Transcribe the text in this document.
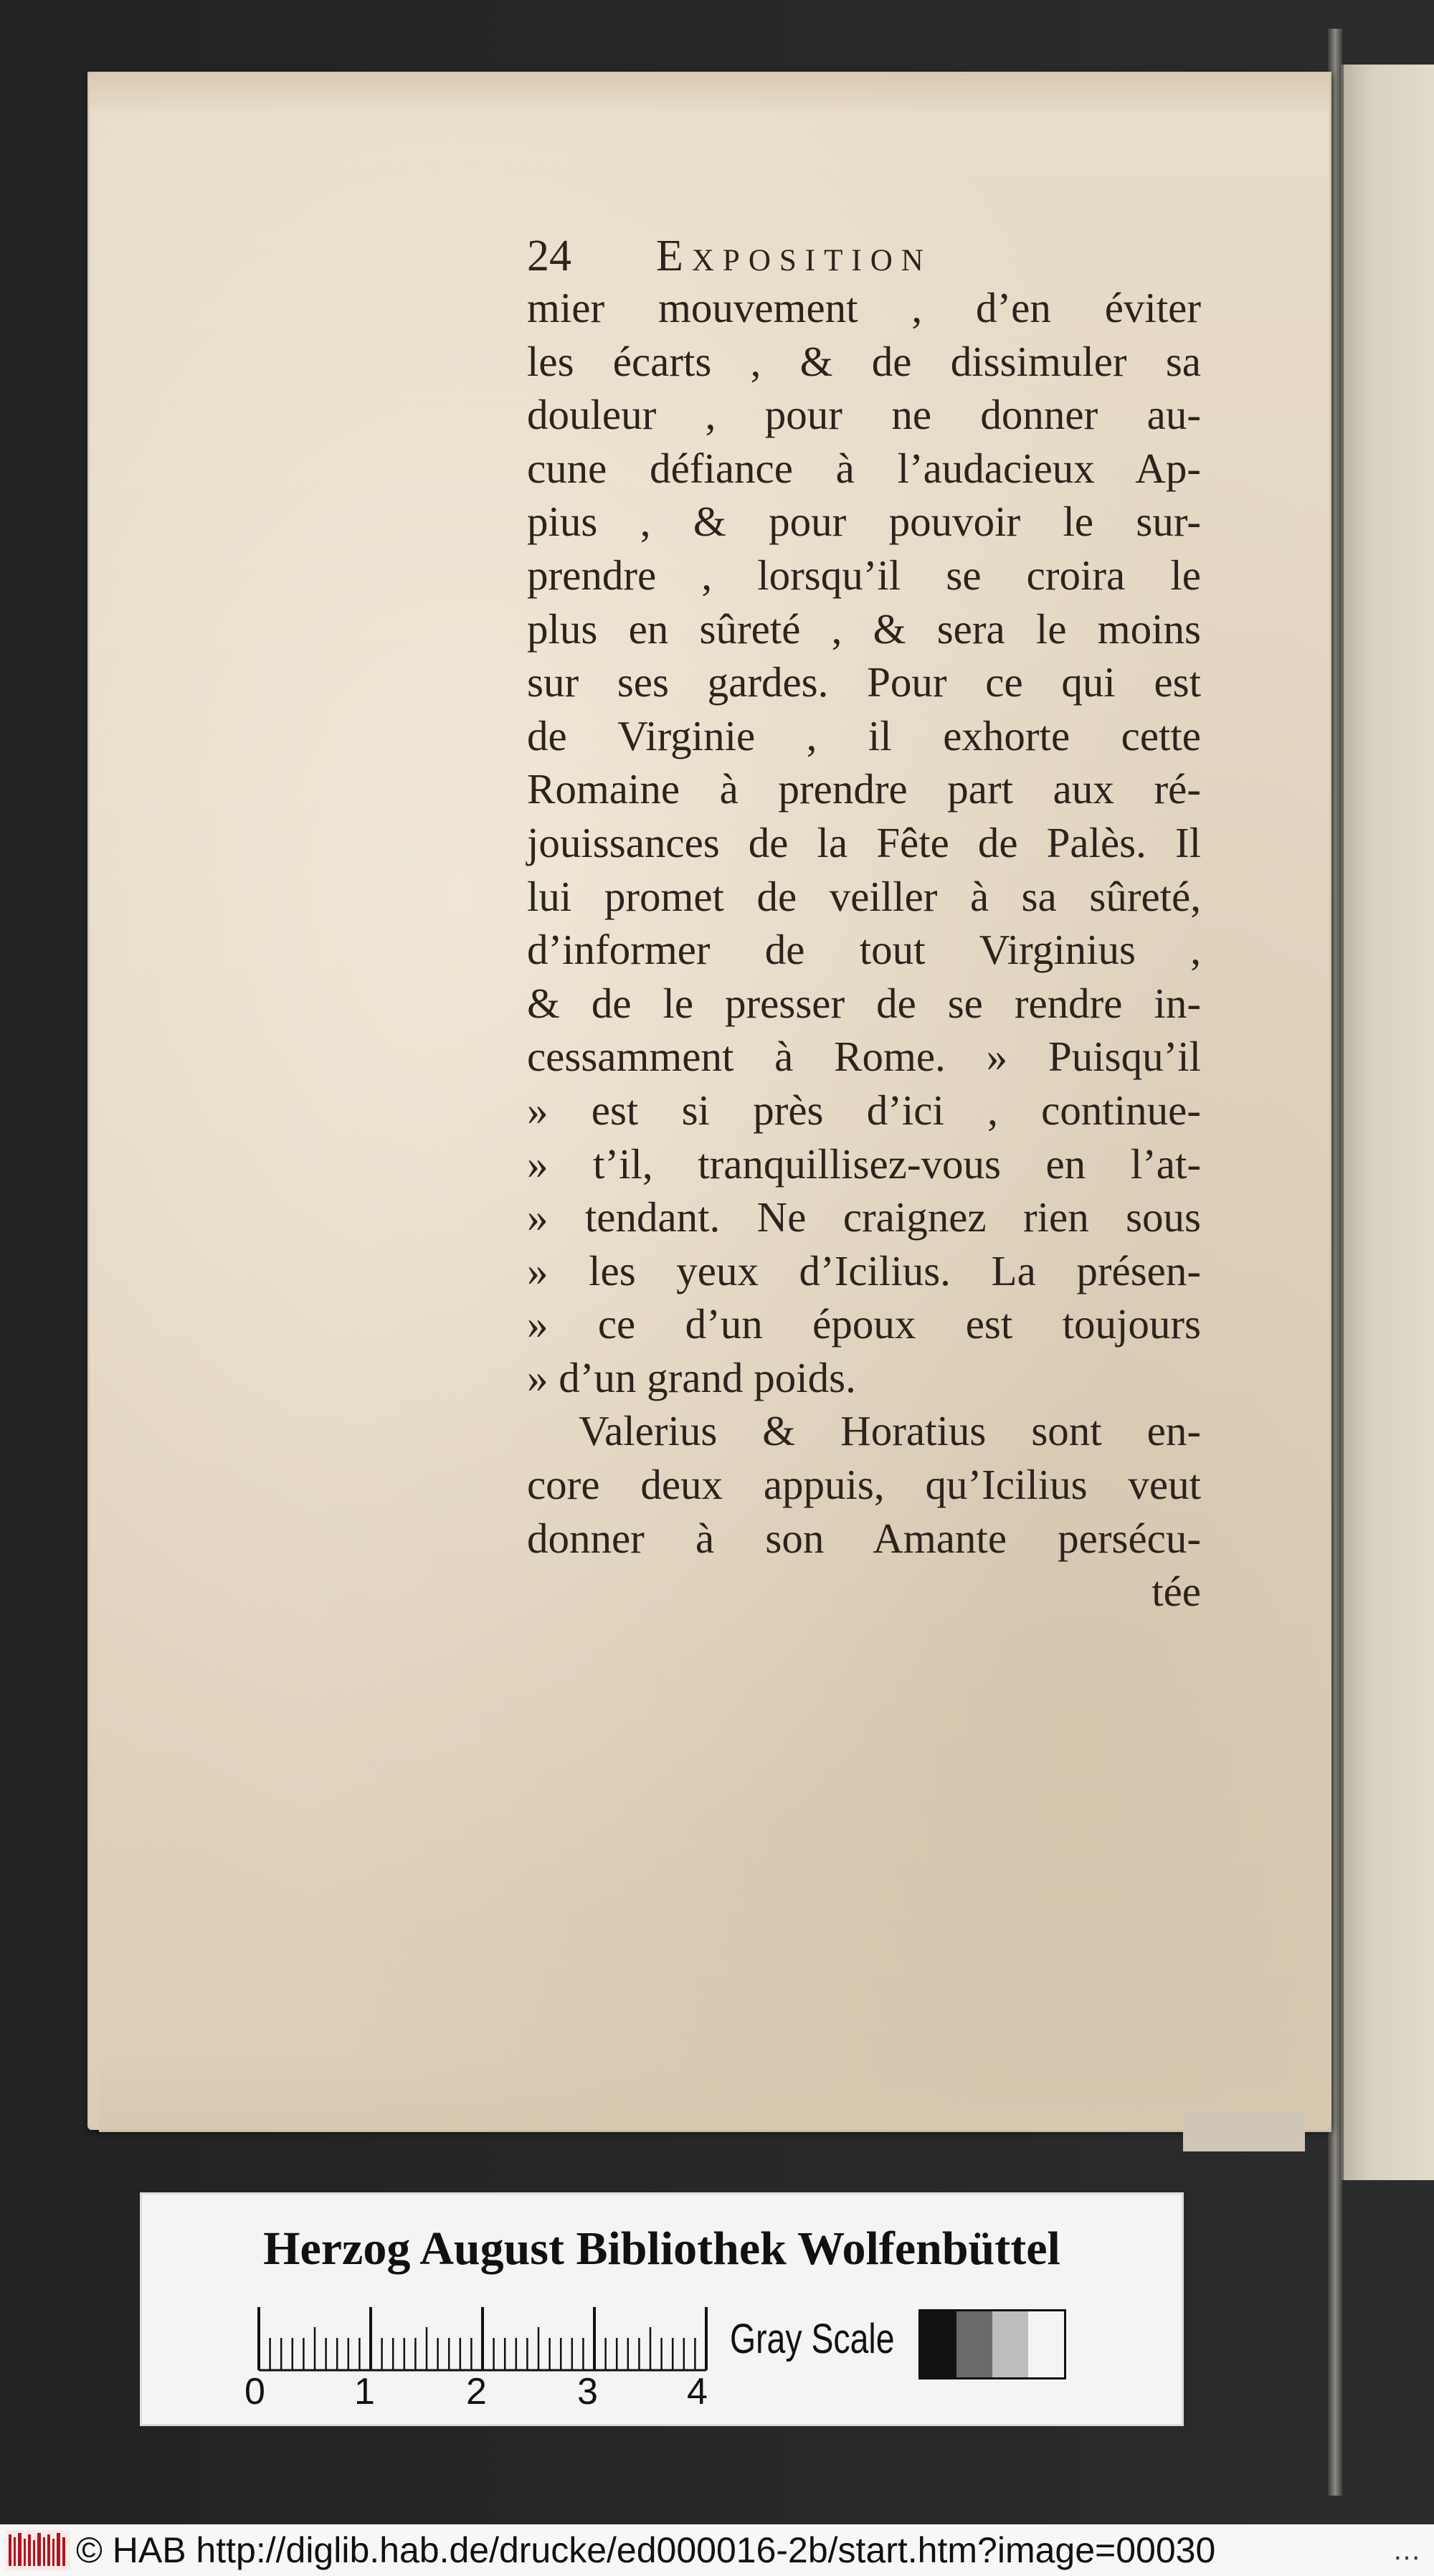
24	Exposition
mier mouvement , d’en éviter
les écarts , & de dissimuler sa
douleur , pour ne donner au-
cune défiance à l’audacieux Ap-
pius , & pour pouvoir le sur-
prendre , lorsqu’il se croira le
plus en sûreté , & sera le moins
sur ses gardes. Pour ce qui est
de Virginie , il exhorte cette
Romaine à prendre part aux ré-
jouissances de la Fête de Palès. Il
lui promet de veiller à sa sûreté,
d’informer de tout Virginius ,
& de le presser de se rendre in-
cessamment à Rome. » Puisqu’il
» est si près d’ici , continue-
» t’il, tranquillisez-vous en l’at-
» tendant. Ne craignez rien sous
» les yeux d’Icilius. La présen-
» ce d’un époux est toujours
» d’un grand poids.
Valerius & Horatius sont en-
core deux appuis, qu’Icilius veut
donner à son Amante persécu-
tée
Herzog August Bibliothek Wolfenbüttel
0 1 2 3 4
Gray Scale
© HAB http://diglib.hab.de/drucke/ed000016-2b/start.htm?image=00030	…
